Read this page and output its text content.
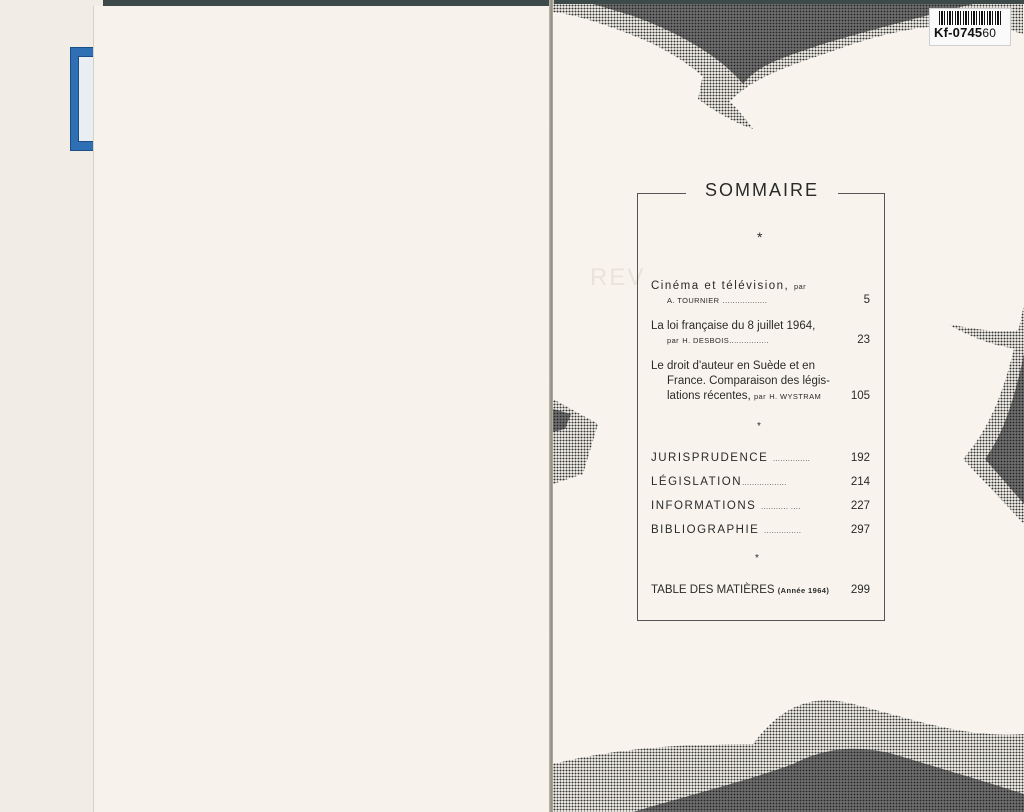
Kf-074560
REV
SOMMAIRE
*
Cinéma et télévision, par
A. TOURNIER ..................	5
La loi française du 8 juillet 1964,
par H. DESBOIS................	23
Le droit d'auteur en Suède et en
France. Comparaison des légis-
lations récentes, par H. WYSTRAM	105
*
JURISPRUDENCE ...............	192
LÉGISLATION..................	214
INFORMATIONS ........... ....	227
BIBLIOGRAPHIE ...............	297
*
TABLE DES MATIÈRES (Année 1964)	299
